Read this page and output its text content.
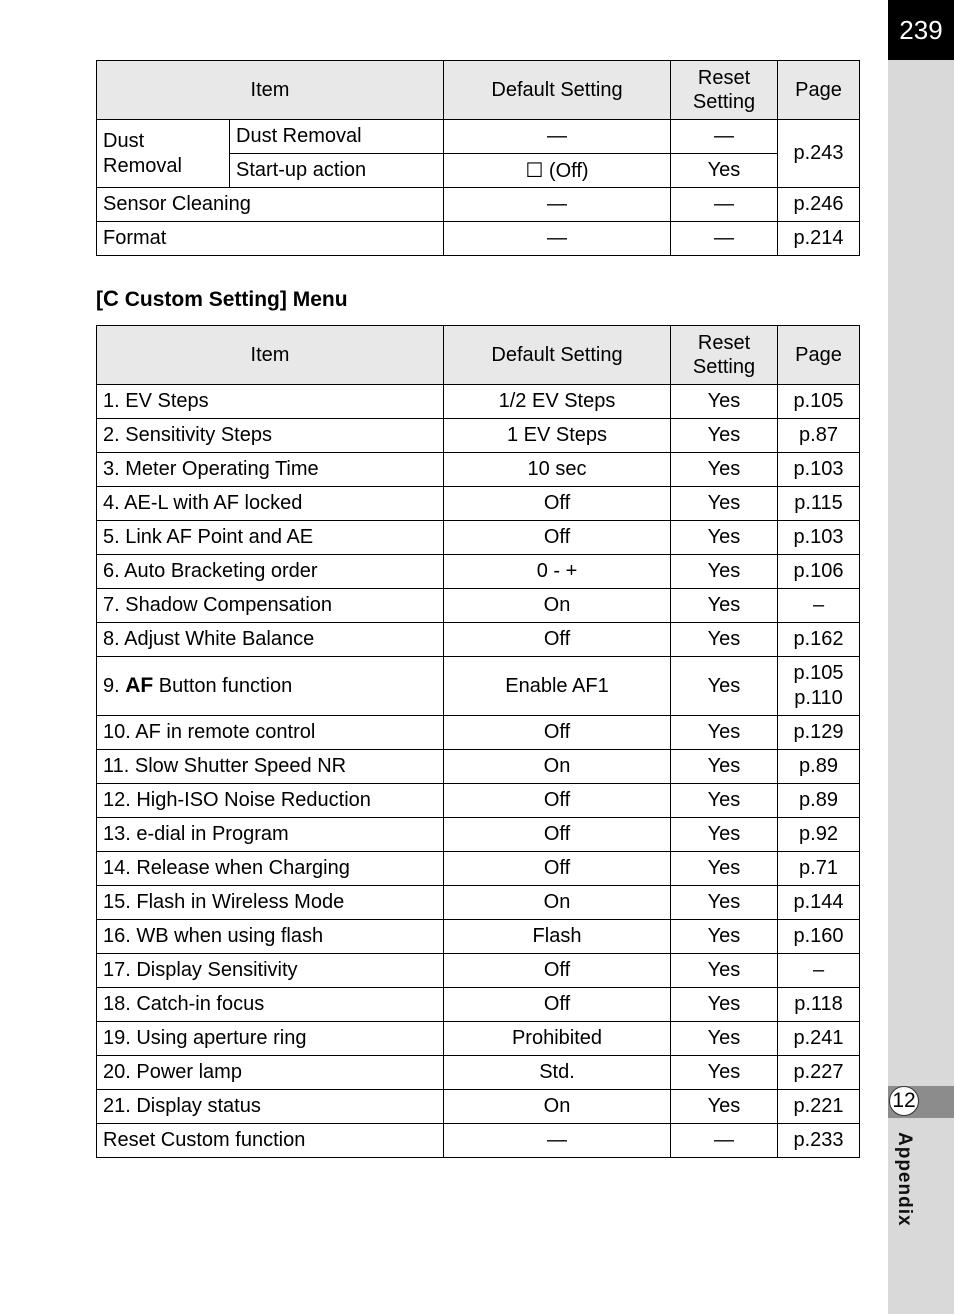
239
12
Appendix
Item		Default Setting	Reset Setting	Page

Dust Removal	Dust Removal	—	—	p.243
	Start-up action	☐ (Off)	Yes	
Sensor Cleaning		—	—	p.246
Format		—	—	p.214
[C Custom Setting] Menu
Item	Default Setting	Reset Setting	Page
1. EV Steps	1/2 EV Steps	Yes	p.105
2. Sensitivity Steps	1 EV Steps	Yes	p.87
3. Meter Operating Time	10 sec	Yes	p.103
4. AE-L with AF locked	Off	Yes	p.115
5. Link AF Point and AE	Off	Yes	p.103
6. Auto Bracketing order	0 - +	Yes	p.106
7. Shadow Compensation	On	Yes	–
8. Adjust White Balance	Off	Yes	p.162
9. AF Button function	Enable AF1	Yes	p.105
p.110

10. AF in remote control	Off	Yes	p.129
11. Slow Shutter Speed NR	On	Yes	p.89
12. High-ISO Noise Reduction	Off	Yes	p.89
13. e-dial in Program	Off	Yes	p.92
14. Release when Charging	Off	Yes	p.71
15. Flash in Wireless Mode	On	Yes	p.144
16. WB when using flash	Flash	Yes	p.160
17. Display Sensitivity	Off	Yes	–
18. Catch-in focus	Off	Yes	p.118
19. Using aperture ring	Prohibited	Yes	p.241
20. Power lamp	Std.	Yes	p.227
21. Display status	On	Yes	p.221
Reset Custom function	—	—	p.233
